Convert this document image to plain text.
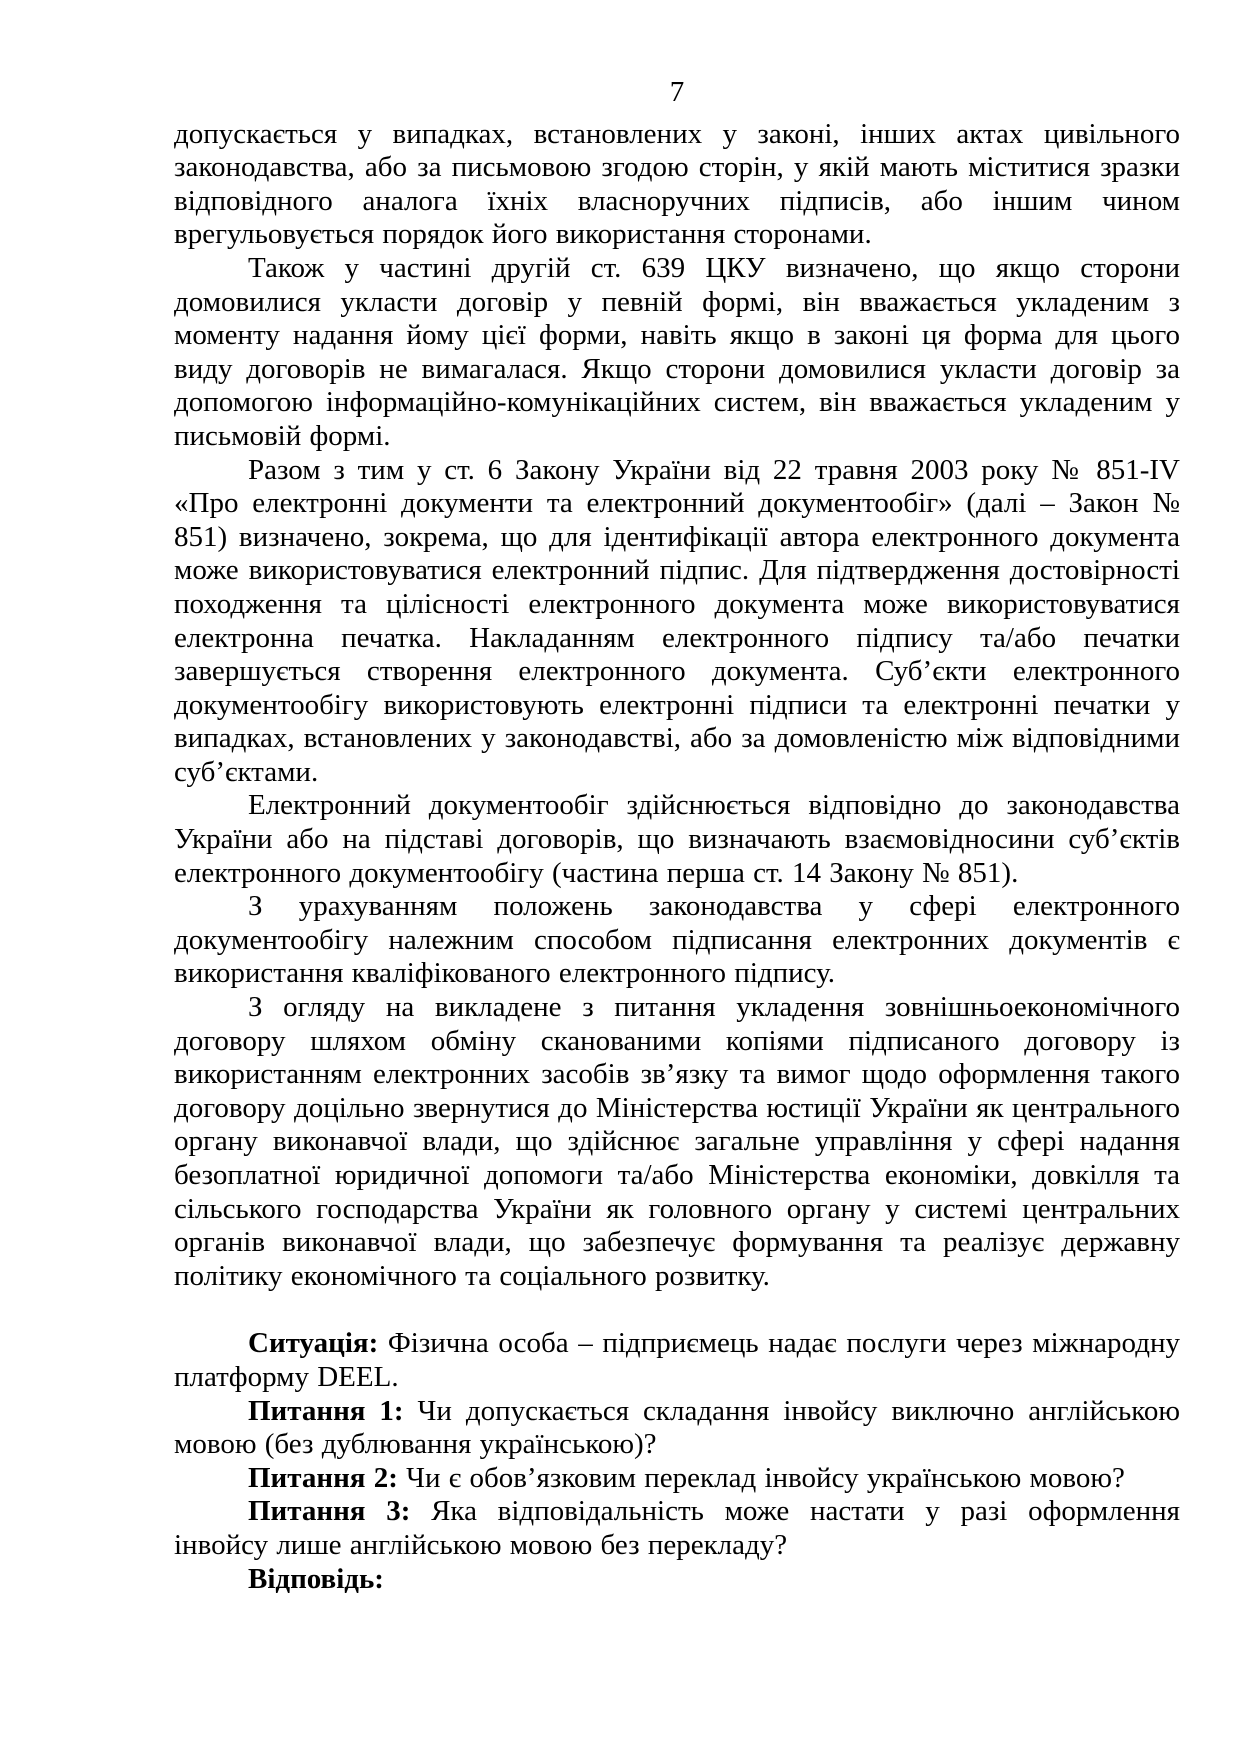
7

допускається у випадках, встановлених у законі, інших актах цивільного законодавства, або за письмовою згодою сторін, у якій мають міститися зразки відповідного аналога їхніх власноручних підписів, або іншим чином врегульовується порядок його використання сторонами.

Також у частині другій ст. 639 ЦКУ визначено, що якщо сторони домовилися укласти договір у певній формі, він вважається укладеним з моменту надання йому цієї форми, навіть якщо в законі ця форма для цього виду договорів не вимагалася. Якщо сторони домовилися укласти договір за допомогою інформаційно-комунікаційних систем, він вважається укладеним у письмовій формі.

Разом з тим у ст. 6 Закону України від 22 травня 2003 року № 851-IV «Про електронні документи та електронний документообіг» (далі – Закон № 851) визначено, зокрема, що для ідентифікації автора електронного документа може використовуватися електронний підпис. Для підтвердження достовірності походження та цілісності електронного документа може використовуватися електронна печатка. Накладанням електронного підпису та/або печатки завершується створення електронного документа. Суб’єкти електронного документообігу використовують електронні підписи та електронні печатки у випадках, встановлених у законодавстві, або за домовленістю між відповідними суб’єктами.

Електронний документообіг здійснюється відповідно до законодавства України або на підставі договорів, що визначають взаємовідносини суб’єктів електронного документообігу (частина перша ст. 14 Закону № 851).

З урахуванням положень законодавства у сфері електронного документообігу належним способом підписання електронних документів є використання кваліфікованого електронного підпису.

З огляду на викладене з питання укладення зовнішньоекономічного договору шляхом обміну сканованими копіями підписаного договору із використанням електронних засобів зв’язку та вимог щодо оформлення такого договору доцільно звернутися до Міністерства юстиції України як центрального органу виконавчої влади, що здійснює загальне управління у сфері надання безоплатної юридичної допомоги та/або Міністерства економіки, довкілля та сільського господарства України як головного органу у системі центральних органів виконавчої влади, що забезпечує формування та реалізує державну політику економічного та соціального розвитку.

Ситуація: Фізична особа – підприємець надає послуги через міжнародну платформу DEEL.

Питання 1: Чи допускається складання інвойсу виключно англійською мовою (без дублювання українською)?

Питання 2: Чи є обов’язковим переклад інвойсу українською мовою?

Питання 3: Яка відповідальність може настати у разі оформлення інвойсу лише англійською мовою без перекладу?

Відповідь:
